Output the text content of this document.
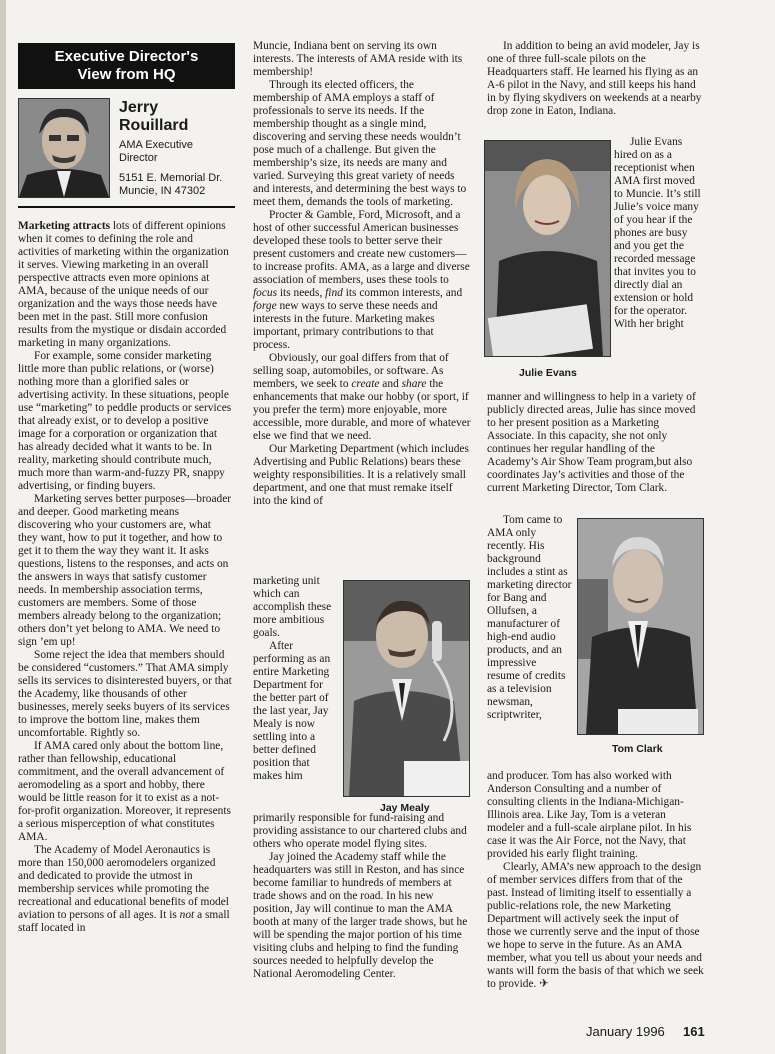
Executive Director's
View from HQ
Jerry
Rouillard
AMA Executive
Director
5151 E. Memorial Dr.
Muncie, IN 47302

Marketing attracts lots of different opinions when it comes to defining the role and activities of marketing within the organization it serves. Viewing marketing in an overall perspective attracts even more opinions at AMA, because of the unique needs of our organization and the ways those needs have been met in the past. Still more confusion results from the mystique or disdain accorded marketing in many organizations.

For example, some consider marketing little more than public relations, or (worse) nothing more than a glorified sales or advertising activity. In these situations, people use “marketing” to peddle products or services that already exist, or to develop a positive image for a corporation or organization that has already decided what it wants to be. In reality, marketing should contribute much, much more than warm-and-fuzzy PR, snappy advertising, or finding buyers.

Marketing serves better purposes—broader and deeper. Good marketing means discovering who your customers are, what they want, how to put it together, and how to get it to them the way they want it. It asks questions, listens to the responses, and acts on the answers in ways that satisfy customer needs. In membership association terms, customers are members. Some of those members already belong to the organization; others don’t yet belong to AMA. We need to sign ’em up!

Some reject the idea that members should be considered “customers.” That AMA simply sells its services to disinterested buyers, or that the Academy, like thousands of other businesses, merely seeks buyers of its services to improve the bottom line, makes them uncomfortable. Rightly so.

If AMA cared only about the bottom line, rather than fellowship, educational commitment, and the overall advancement of aeromodeling as a sport and hobby, there would be little reason for it to exist as a not-for-profit organization. Moreover, it represents a serious misperception of what constitutes AMA.

The Academy of Model Aeronautics is more than 150,000 aeromodelers organized and dedicated to provide the utmost in membership services while promoting the recreational and educational benefits of model aviation to persons of all ages. It is not a small staff located in

Muncie, Indiana bent on serving its own interests. The interests of AMA reside with its membership!

Through its elected officers, the membership of AMA employs a staff of professionals to serve its needs. If the membership thought as a single mind, discovering and serving these needs wouldn’t pose much of a challenge. But given the membership’s size, its needs are many and varied. Surveying this great variety of needs and interests, and determining the best ways to meet them, demands the tools of marketing.

Procter & Gamble, Ford, Microsoft, and a host of other successful American businesses developed these tools to better serve their present customers and create new customers—to increase profits. AMA, as a large and diverse association of members, uses these tools to focus its needs, find its common interests, and forge new ways to serve these needs and interests in the future. Marketing makes important, primary contributions to that process.

Obviously, our goal differs from that of selling soap, automobiles, or software. As members, we seek to create and share the enhancements that make our hobby (or sport, if you prefer the term) more enjoyable, more accessible, more durable, and more of whatever else we find that we need.

Our Marketing Department (which includes Advertising and Public Relations) bears these weighty responsibilities. It is a relatively small department, and one that must remake itself into the kind of

marketing unit which can accomplish these more ambitious goals.
After performing as an entire Marketing Department for the better part of the last year, Jay Mealy is now settling into a better defined position that makes him
Jay Mealy
primarily responsible for fund-raising and providing assistance to our chartered clubs and others who operate model flying sites.
Jay joined the Academy staff while the headquarters was still in Reston, and has since become familiar to hundreds of members at trade shows and on the road. In his new position, Jay will continue to man the AMA booth at many of the larger trade shows, but he will be spending the major portion of his time visiting clubs and helping to find the funding sources needed to helpfully develop the National Aeromodeling Center.

In addition to being an avid modeler, Jay is one of three full-scale pilots on the Headquarters staff. He learned his flying as an A-6 pilot in the Navy, and still keeps his hand in by flying skydivers on weekends at a nearby drop zone in Eaton, Indiana.

Julie Evans
Julie Evans hired on as a receptionist when AMA first moved to Muncie. It’s still Julie’s voice many of you hear if the phones are busy and you get the recorded message that invites you to directly dial an extension or hold for the operator. With her bright
manner and willingness to help in a variety of publicly directed areas, Julie has since moved to her present position as a Marketing Associate. In this capacity, she not only continues her regular handling of the Academy’s Air Show Team program,but also coordinates Jay’s activities and those of the current Marketing Director, Tom Clark.
Tom came to AMA only recently. His background includes a stint as marketing director for Bang and Ollufsen, a manufacturer of high-end audio products, and an impressive resume of credits as a television newsman, scriptwriter,
Tom Clark
and producer. Tom has also worked with Anderson Consulting and a number of consulting clients in the Indiana-Michigan-Illinois area. Like Jay, Tom is a veteran modeler and a full-scale airplane pilot. In his case it was the Air Force, not the Navy, that provided his early flight training.
Clearly, AMA’s new approach to the design of member services differs from that of the past. Instead of limiting itself to essentially a public-relations role, the new Marketing Department will actively seek the input of those we currently serve and the input of those we hope to serve in the future. As an AMA member, what you tell us about your needs and wants will form the basis of that which we seek to provide. ✈
January 1996 161
